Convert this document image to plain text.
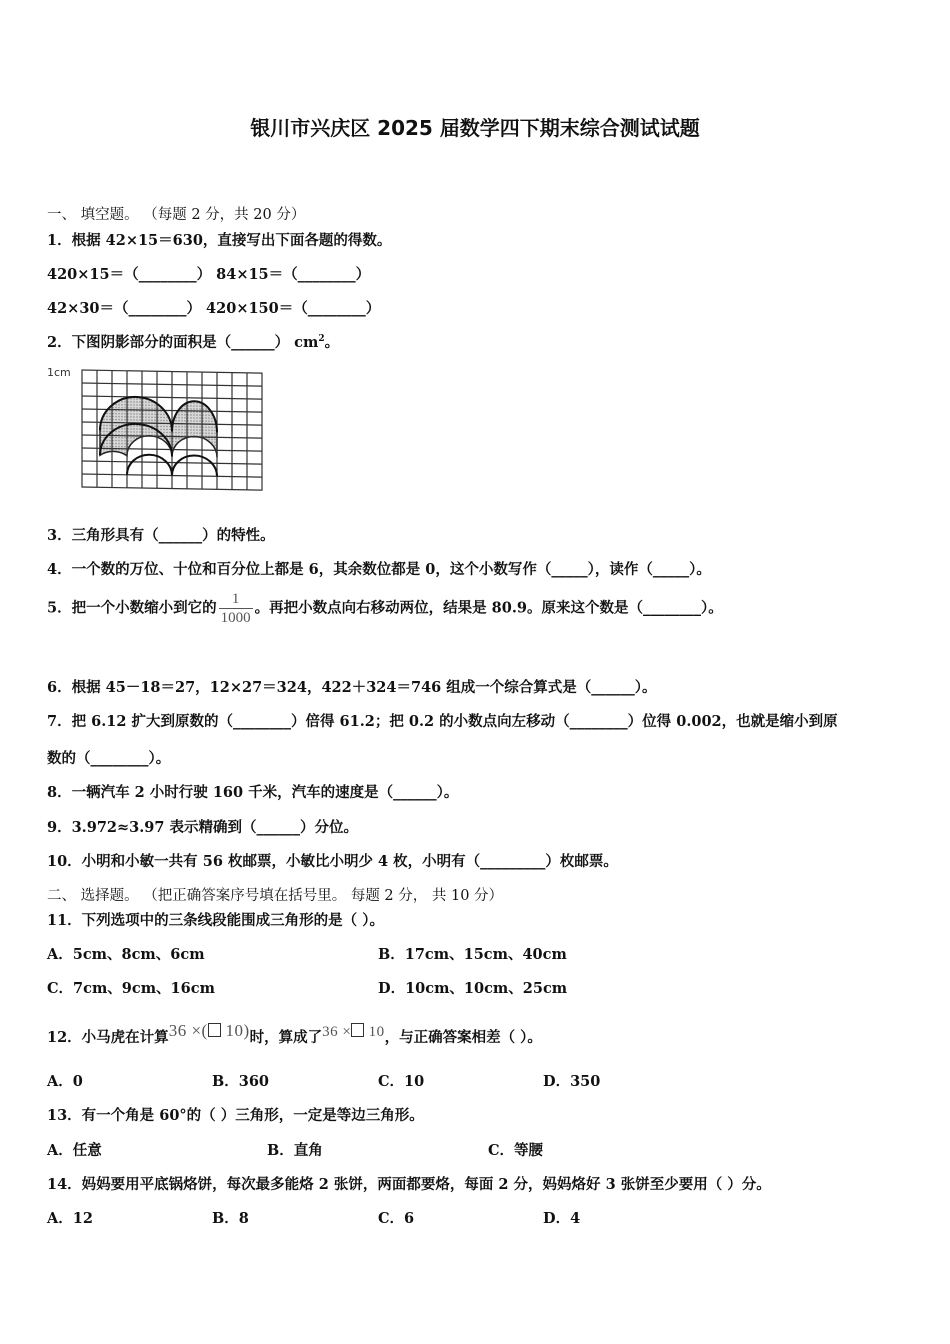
银川市兴庆区 2025 届数学四下期末综合测试试题
一、 填空题。 （每题 2 分，共 20 分）
1．根据 42×15＝630，直接写出下面各题的得数。
420×15＝（________） 84×15＝（________）
42×30＝（________） 420×150＝（________）
2．下图阴影部分的面积是（______） $cm^2$。
1cm
3．三角形具有（______）的特性。
4．一个数的万位、十位和百分位上都是 6，其余数位都是 0，这个小数写作（_____），读作（_____）。
5．把一个小数缩小到它的 $\frac{1}{1000}$ 。再把小数点向右移动两位，结果是 80.9。原来这个数是（________）。
6．根据 45－18＝27，12×27＝324，422＋324＝746 组成一个综合算式是（______）。
7．把 6.12 扩大到原数的（________）倍得 61.2；把 0.2 的小数点向左移动（________）位得 0.002，也就是缩小到原
数的（________）。
8．一辆汽车 2 小时行驶 160 千米，汽车的速度是（______）。
9．3.972≈3.97 表示精确到（______）分位。
10．小明和小敏一共有 56 枚邮票，小敏比小明少 4 枚，小明有（_________）枚邮票。
二、 选择题。 （把正确答案序号填在括号里。 每题 2 分， 共 10 分）
11．下列选项中的三条线段能围成三角形的是（ ）。
A．5cm、8cm、6cm	B．17cm、15cm、40cm
C．7cm、9cm、16cm	D．10cm、10cm、25cm
12．小马虎在计算36 ×( 10)时，算成了36 × 10，与正确答案相差（ ）。
A．0	B．360	C．10	D．350
13．有一个角是 60°的（ ）三角形，一定是等边三角形。
A．任意	B．直角	C．等腰
14．妈妈要用平底锅烙饼，每次最多能烙 2 张饼，两面都要烙，每面 2 分，妈妈烙好 3 张饼至少要用（ ）分。
A．12	B．8	C．6	D．4
